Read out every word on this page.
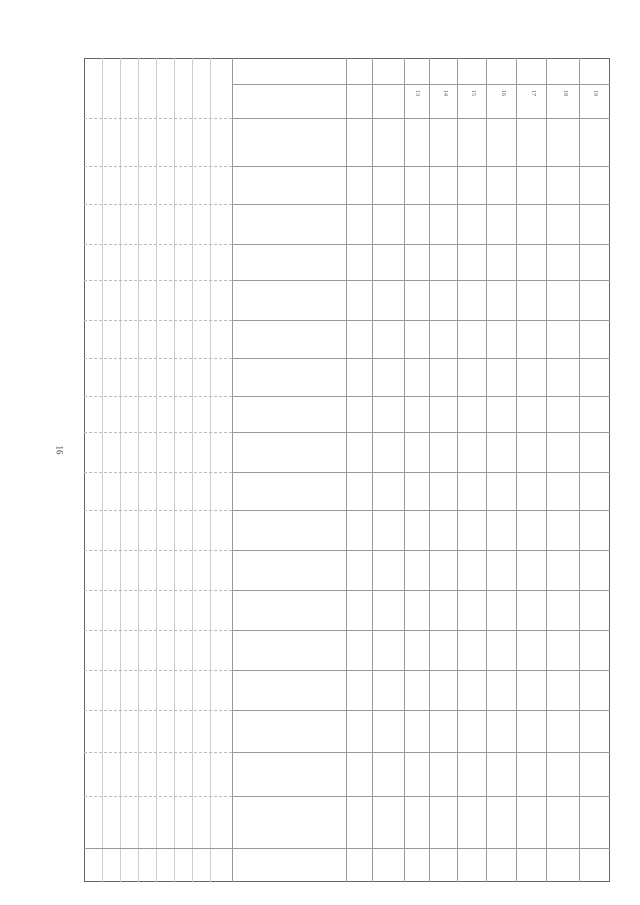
16
13	14	15	16	17	18	19
